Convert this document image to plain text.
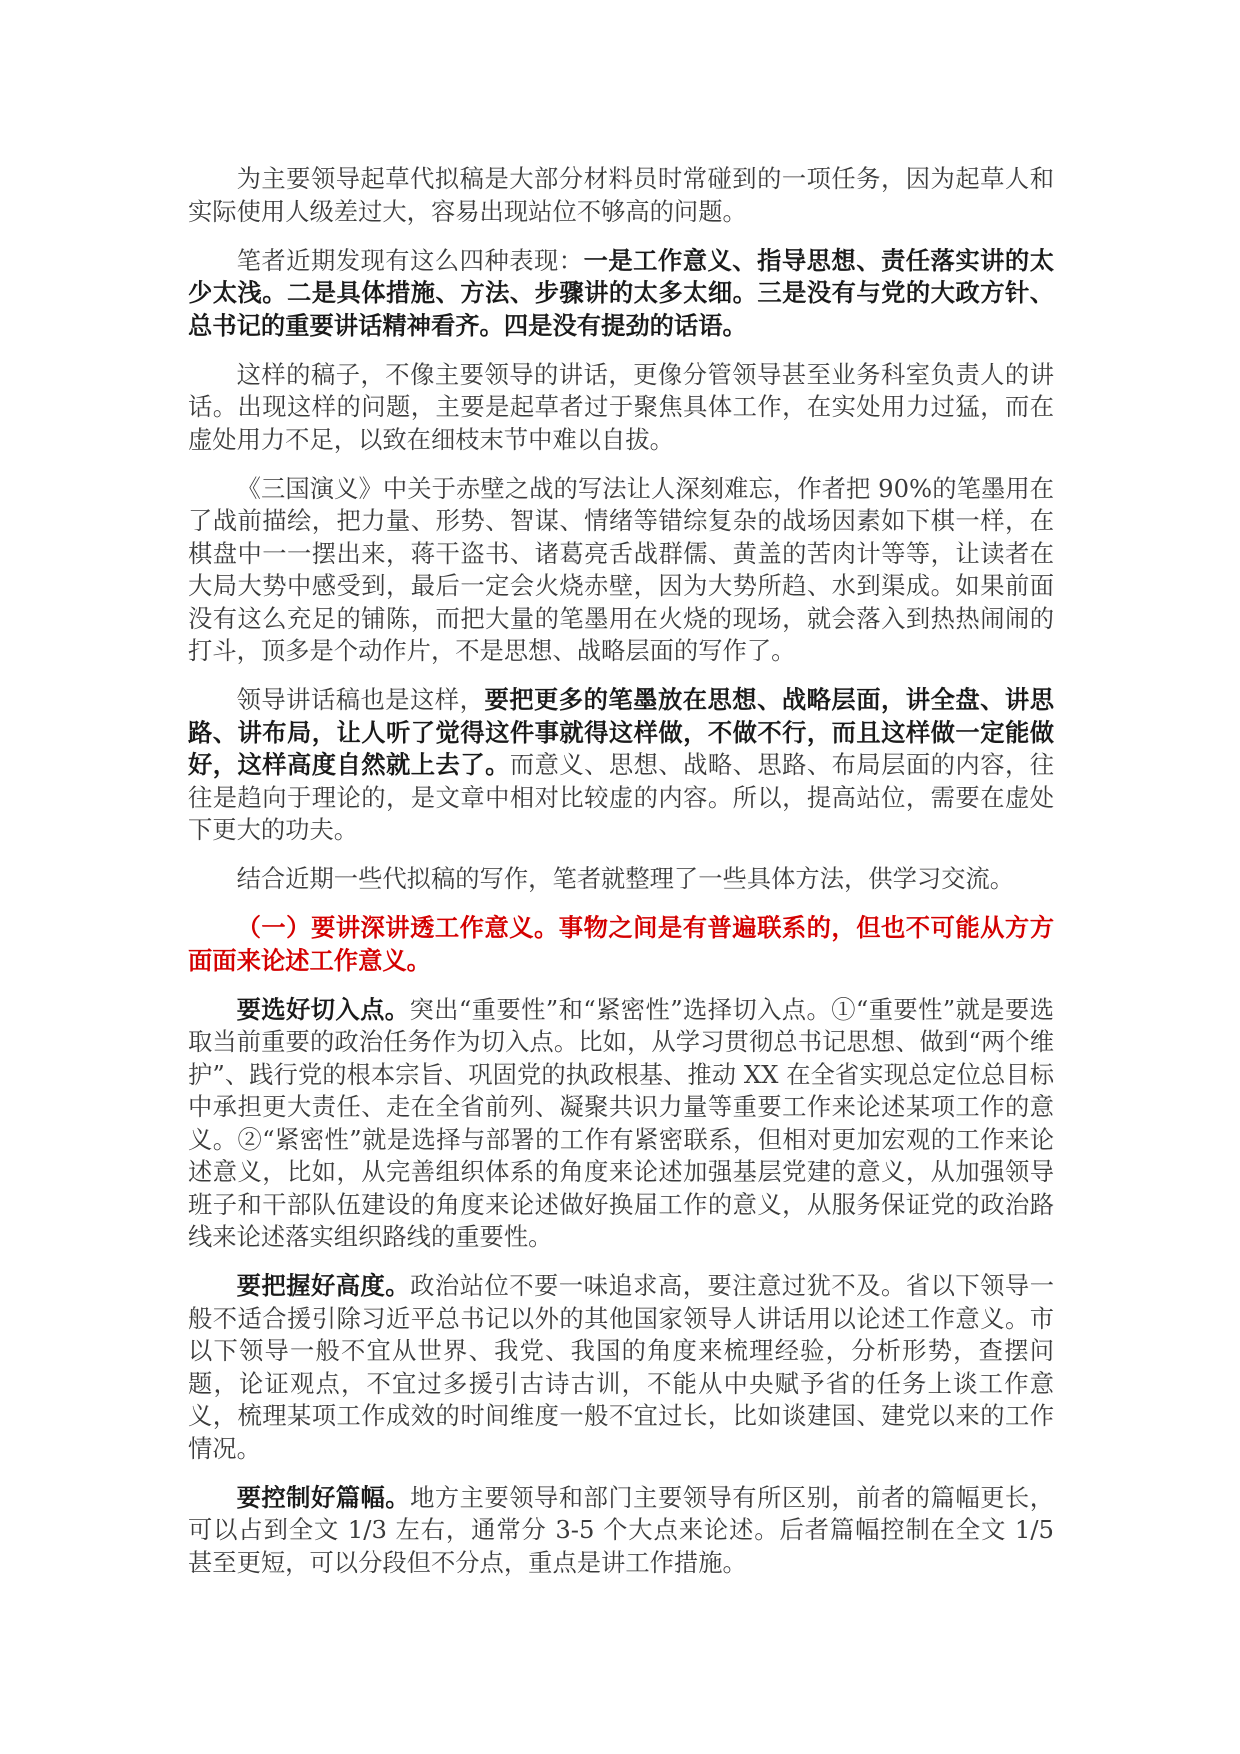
为主要领导起草代拟稿是大部分材料员时常碰到的一项任务，因为起草人和实际使用人级差过大，容易出现站位不够高的问题。

笔者近期发现有这么四种表现：一是工作意义、指导思想、责任落实讲的太少太浅。二是具体措施、方法、步骤讲的太多太细。三是没有与党的大政方针、总书记的重要讲话精神看齐。四是没有提劲的话语。

这样的稿子，不像主要领导的讲话，更像分管领导甚至业务科室负责人的讲话。出现这样的问题，主要是起草者过于聚焦具体工作，在实处用力过猛，而在虚处用力不足，以致在细枝末节中难以自拔。

《三国演义》中关于赤壁之战的写法让人深刻难忘，作者把 90%的笔墨用在了战前描绘，把力量、形势、智谋、情绪等错综复杂的战场因素如下棋一样，在棋盘中一一摆出来，蒋干盗书、诸葛亮舌战群儒、黄盖的苦肉计等等，让读者在大局大势中感受到，最后一定会火烧赤壁，因为大势所趋、水到渠成。如果前面没有这么充足的铺陈，而把大量的笔墨用在火烧的现场，就会落入到热热闹闹的打斗，顶多是个动作片，不是思想、战略层面的写作了。

领导讲话稿也是这样，要把更多的笔墨放在思想、战略层面，讲全盘、讲思路、讲布局，让人听了觉得这件事就得这样做，不做不行，而且这样做一定能做好，这样高度自然就上去了。而意义、思想、战略、思路、布局层面的内容，往往是趋向于理论的，是文章中相对比较虚的内容。所以，提高站位，需要在虚处下更大的功夫。

结合近期一些代拟稿的写作，笔者就整理了一些具体方法，供学习交流。

（一）要讲深讲透工作意义。事物之间是有普遍联系的，但也不可能从方方面面来论述工作意义。

要选好切入点。突出“重要性”和“紧密性”选择切入点。①“重要性”就是要选取当前重要的政治任务作为切入点。比如，从学习贯彻总书记思想、做到“两个维护”、践行党的根本宗旨、巩固党的执政根基、推动 XX 在全省实现总定位总目标中承担更大责任、走在全省前列、凝聚共识力量等重要工作来论述某项工作的意义。②“紧密性”就是选择与部署的工作有紧密联系，但相对更加宏观的工作来论述意义，比如，从完善组织体系的角度来论述加强基层党建的意义，从加强领导班子和干部队伍建设的角度来论述做好换届工作的意义，从服务保证党的政治路线来论述落实组织路线的重要性。

要把握好高度。政治站位不要一味追求高，要注意过犹不及。省以下领导一般不适合援引除习近平总书记以外的其他国家领导人讲话用以论述工作意义。市以下领导一般不宜从世界、我党、我国的角度来梳理经验，分析形势，查摆问题，论证观点，不宜过多援引古诗古训，不能从中央赋予省的任务上谈工作意义，梳理某项工作成效的时间维度一般不宜过长，比如谈建国、建党以来的工作情况。

要控制好篇幅。地方主要领导和部门主要领导有所区别，前者的篇幅更长，可以占到全文 1/3 左右，通常分 3-5 个大点来论述。后者篇幅控制在全文 1/5 甚至更短，可以分段但不分点，重点是讲工作措施。
